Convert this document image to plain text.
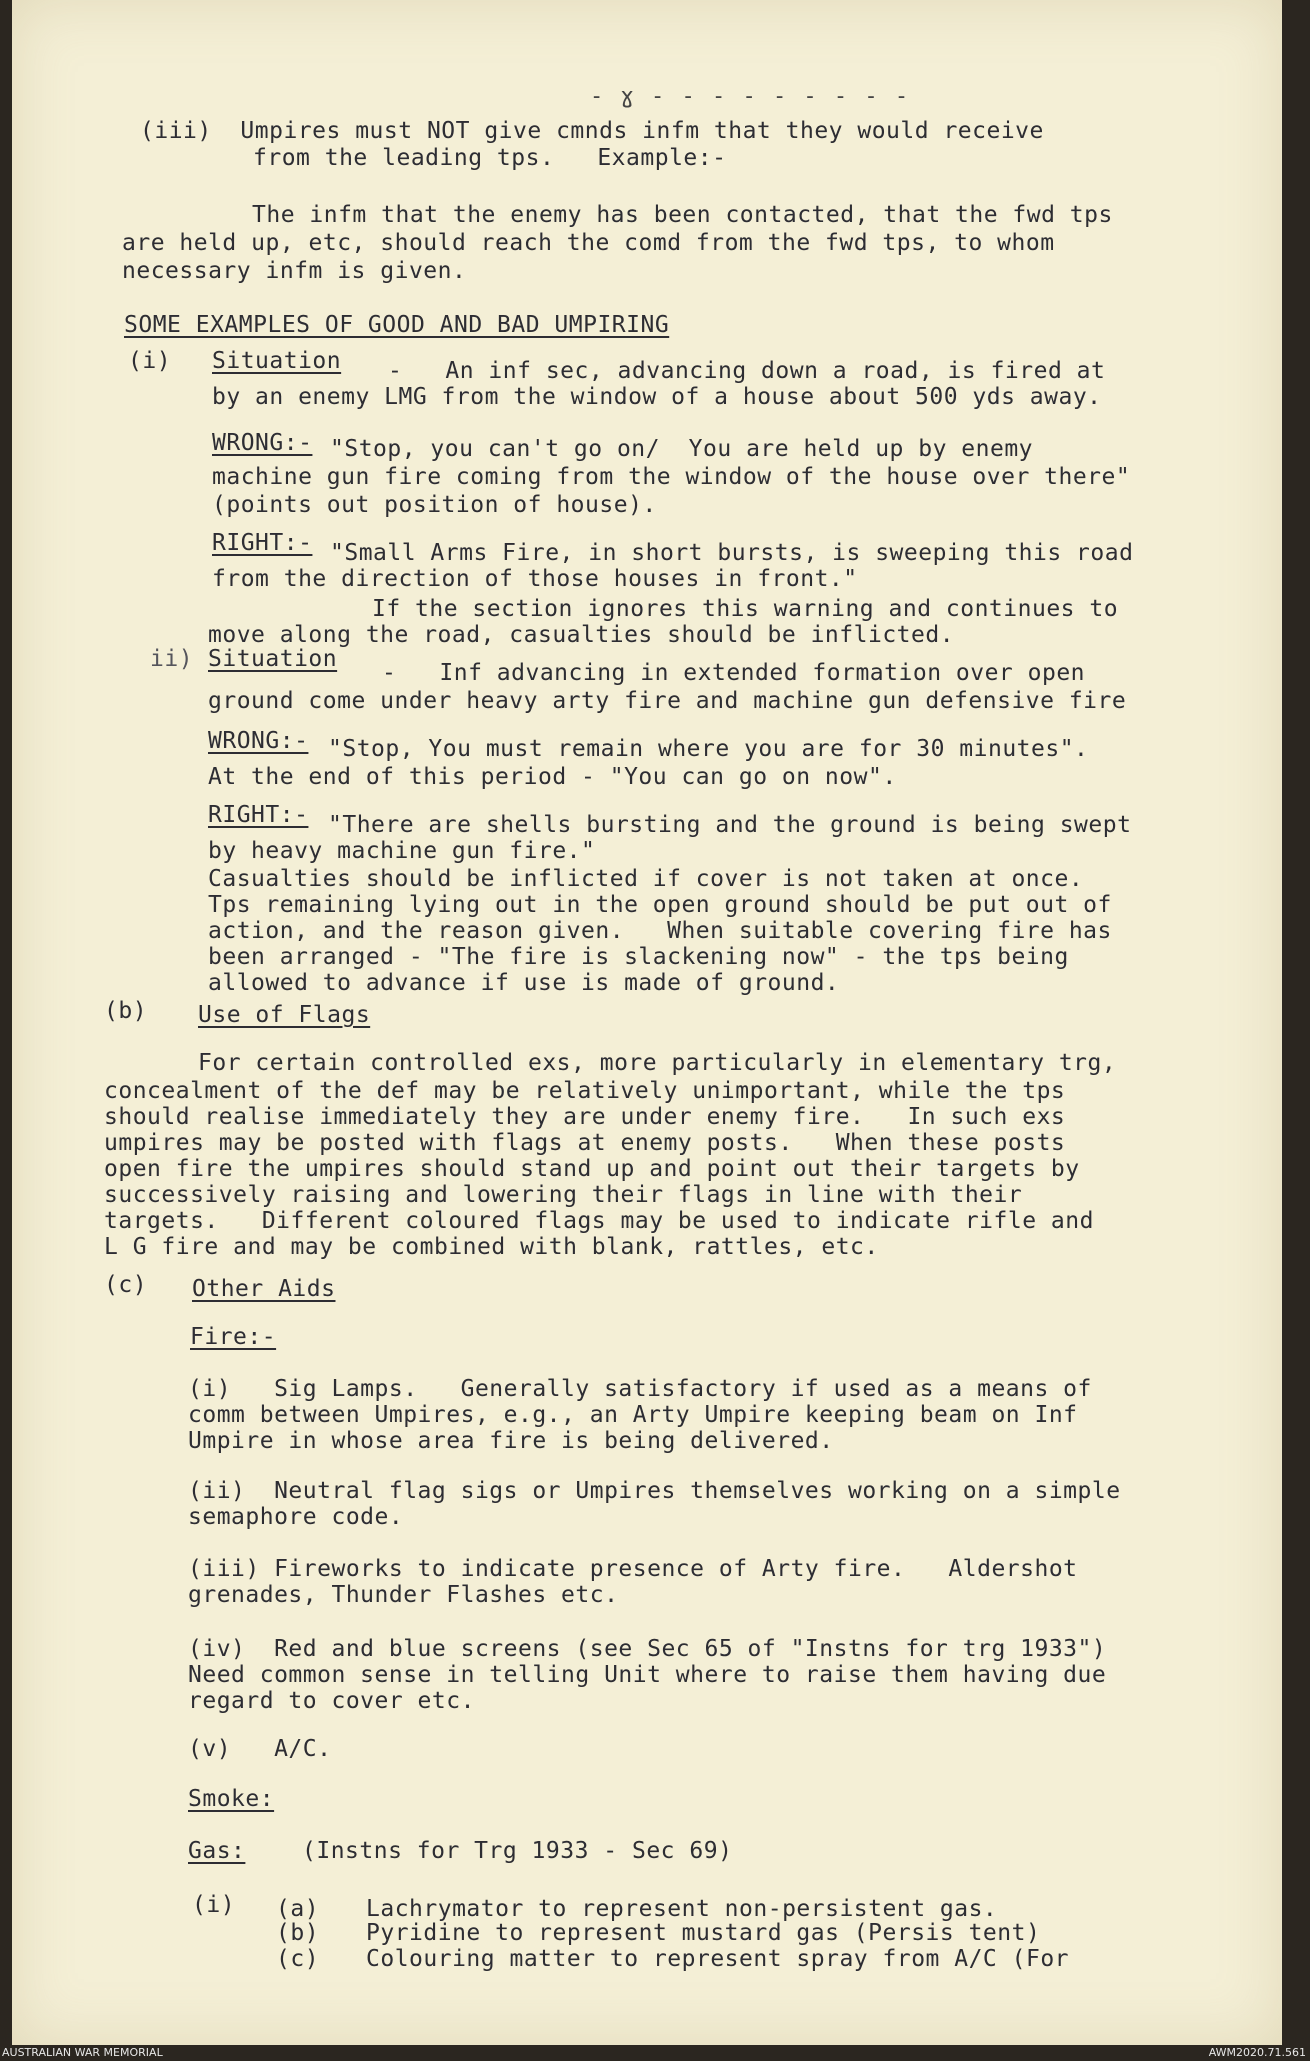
- ɣ - - - - - - - - -
(iii)  Umpires must NOT give cmnds infm that they would receive
from the leading tps.   Example:-
The infm that the enemy has been contacted, that the fwd tps
are held up, etc, should reach the comd from the fwd tps, to whom
necessary infm is given.
SOME EXAMPLES OF GOOD AND BAD UMPIRING
(i) Situation -   An inf sec, advancing down a road, is fired at
by an enemy LMG from the window of a house about 500 yds away.
WRONG:- "Stop, you can't go on/  You are held up by enemy
machine gun fire coming from the window of the house over there"
(points out position of house).
RIGHT:- "Small Arms Fire, in short bursts, is sweeping this road
from the direction of those houses in front."
If the section ignores this warning and continues to
move along the road, casualties should be inflicted.
ii) Situation
-   Inf advancing in extended formation over open
ground come under heavy arty fire and machine gun defensive fire
WRONG:- "Stop, You must remain where you are for 30 minutes".
At the end of this period - "You can go on now".
RIGHT:- "There are shells bursting and the ground is being swept
by heavy machine gun fire."
Casualties should be inflicted if cover is not taken at once.
Tps remaining lying out in the open ground should be put out of
action, and the reason given.   When suitable covering fire has
been arranged - "The fire is slackening now" - the tps being
allowed to advance if use is made of ground.
(b) Use of Flags
For certain controlled exs, more particularly in elementary trg,
concealment of the def may be relatively unimportant, while the tps
should realise immediately they are under enemy fire.   In such exs
umpires may be posted with flags at enemy posts.   When these posts
open fire the umpires should stand up and point out their targets by
successively raising and lowering their flags in line with their
targets.   Different coloured flags may be used to indicate rifle and
L G fire and may be combined with blank, rattles, etc.
(c) Other Aids
Fire:-
(i)   Sig Lamps.   Generally satisfactory if used as a means of
comm between Umpires, e.g., an Arty Umpire keeping beam on Inf
Umpire in whose area fire is being delivered.
(ii)  Neutral flag sigs or Umpires themselves working on a simple
semaphore code.
(iii) Fireworks to indicate presence of Arty fire.   Aldershot
grenades, Thunder Flashes etc.
(iv)  Red and blue screens (see Sec 65 of "Instns for trg 1933")
Need common sense in telling Unit where to raise them having due
regard to cover etc.
(v)   A/C.
Smoke:
Gas: (Instns for Trg 1933 - Sec 69)
(i) (a) Lachrymator to represent non-persistent gas.
(b) Pyridine to represent mustard gas (Persis tent)
(c) Colouring matter to represent spray from A/C (For
AUSTRALIAN WAR MEMORIAL	AWM2020.71.561
